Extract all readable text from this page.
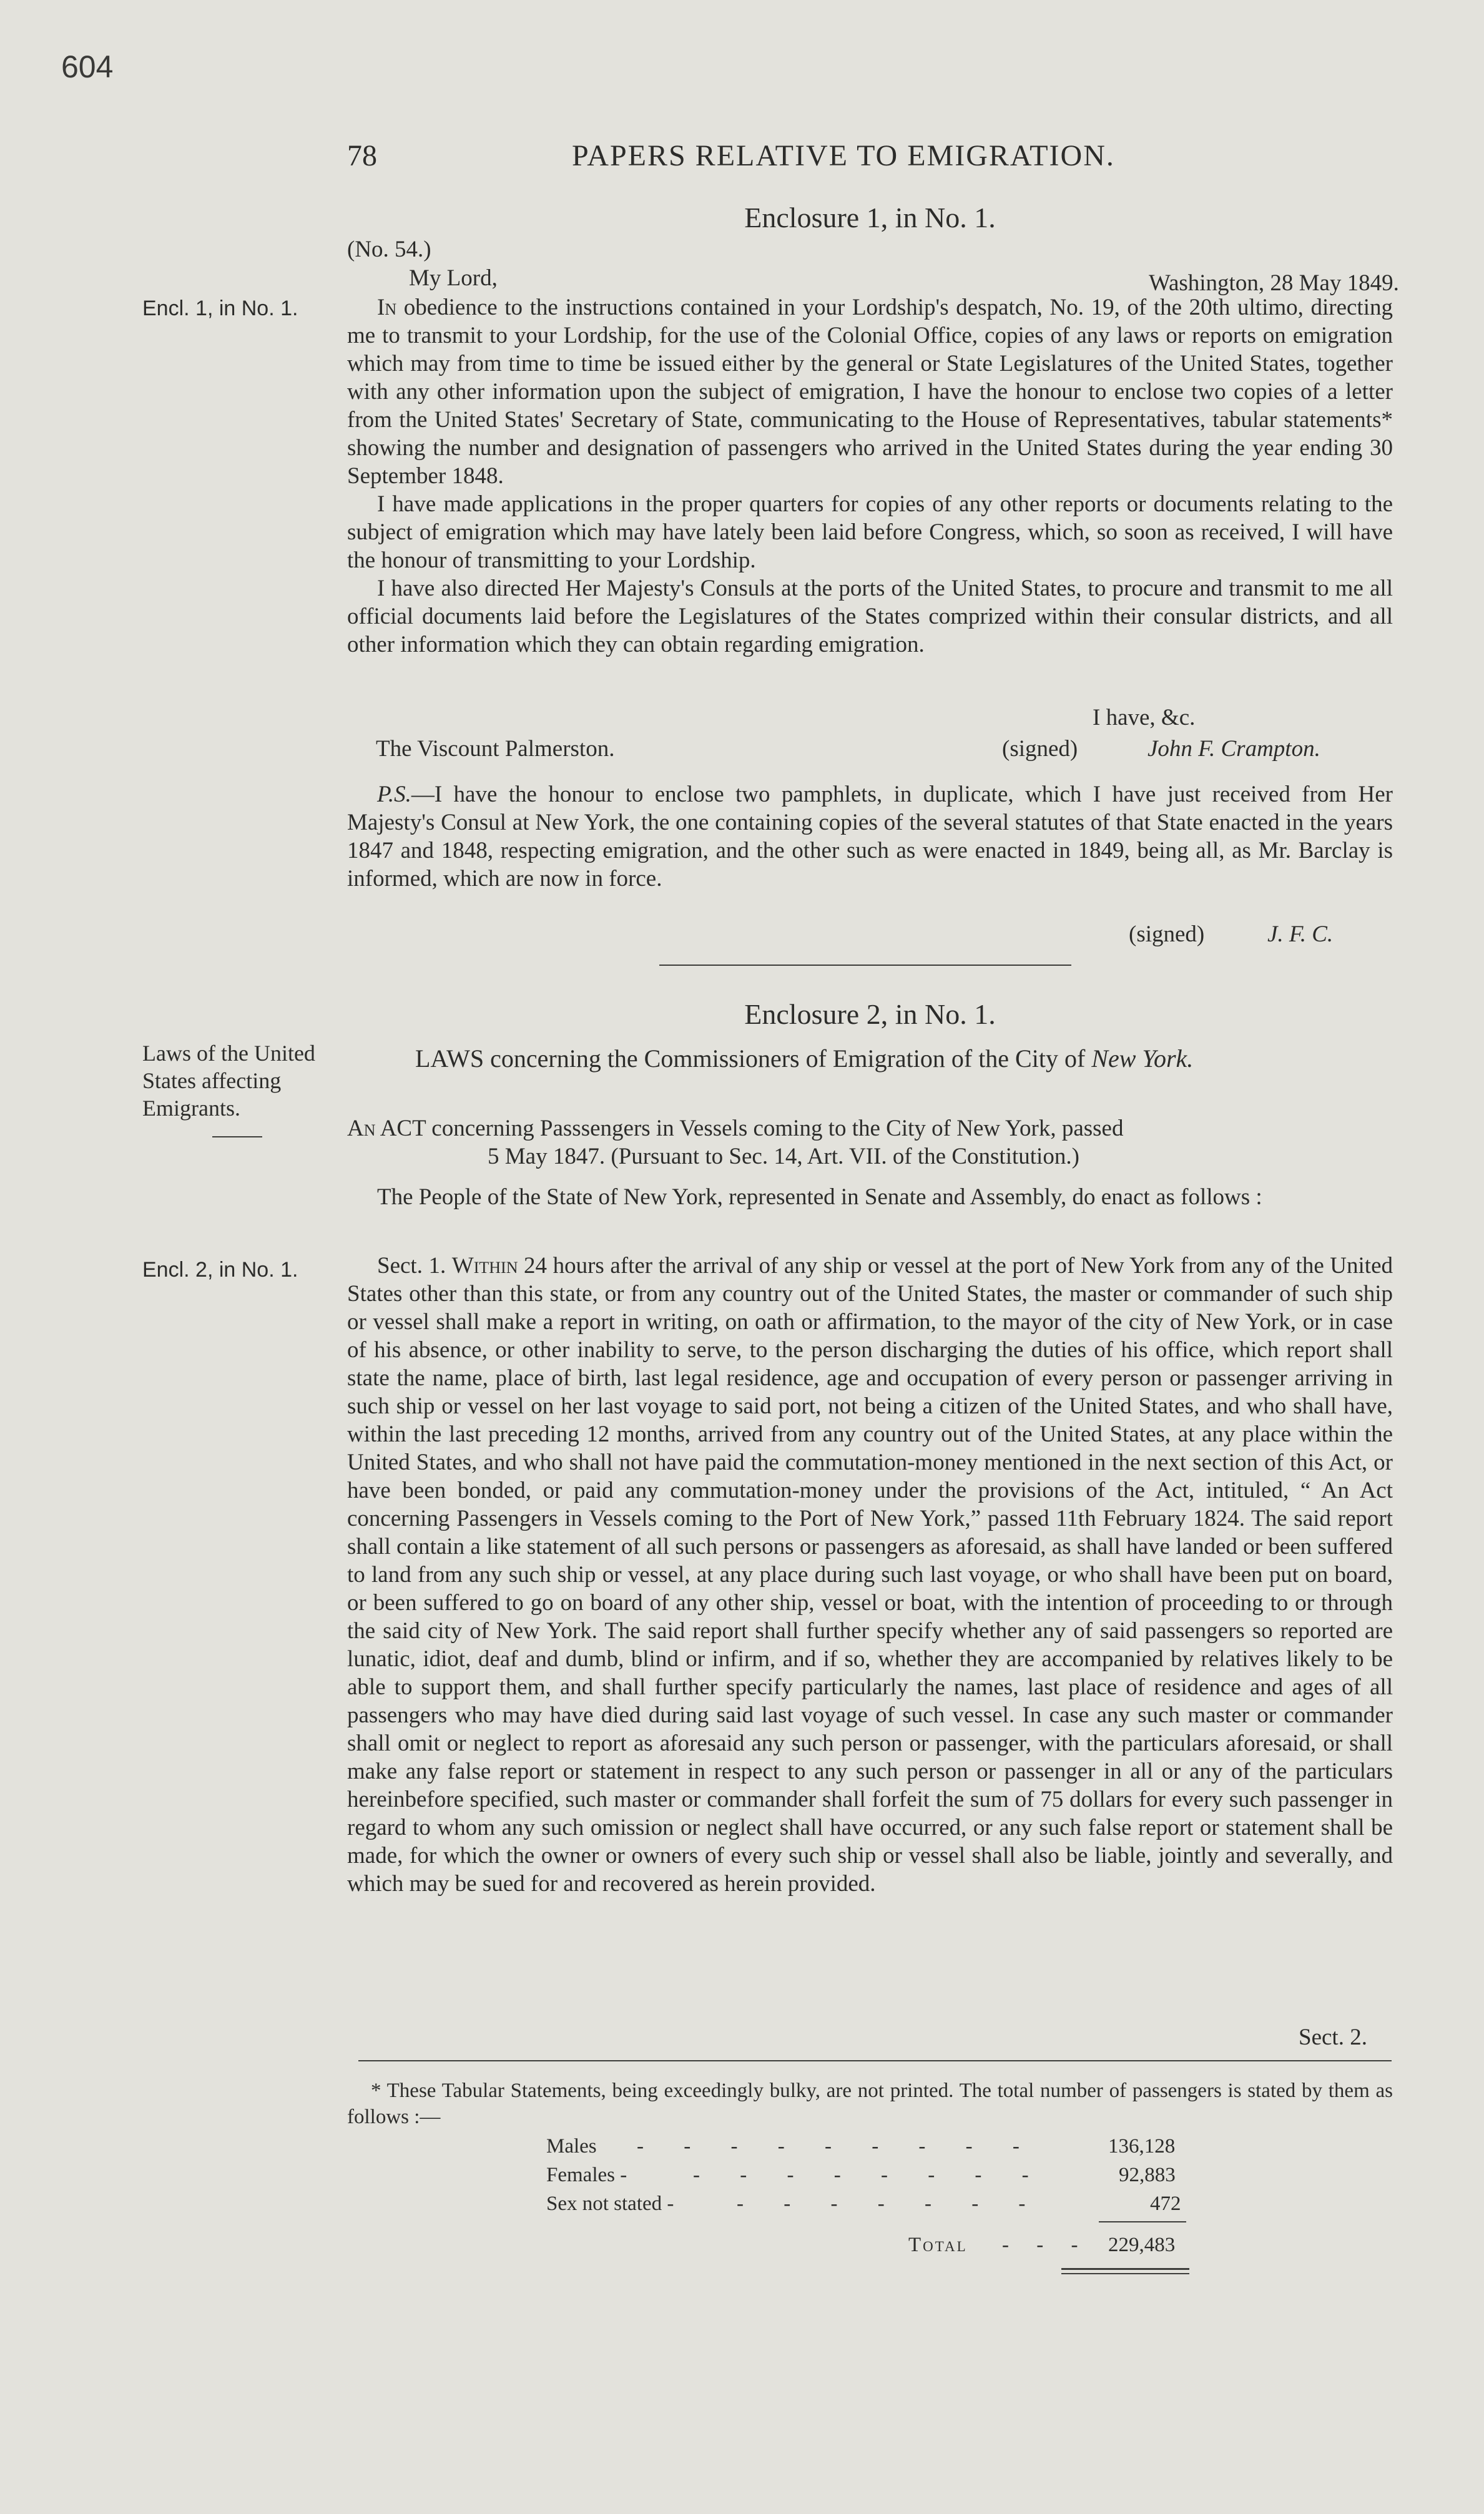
604
78	PAPERS RELATIVE TO EMIGRATION.
Enclosure 1, in No. 1.
(No. 54.)
My Lord,	Washington, 28 May 1849.
Encl. 1, in No. 1.	In obedience to the instructions contained in your Lordship's despatch, No. 19, of the 20th ultimo, directing me to transmit to your Lordship, for the use of the Colonial Office, copies of any laws or reports on emigration which may from time to time be issued either by the general or State Legislatures of the United States, together with any other information upon the subject of emigration, I have the honour to enclose two copies of a letter from the United States' Secretary of State, communicating to the House of Representatives, tabular statements* showing the number and designation of passengers who arrived in the United States during the year ending 30 September 1848.

I have made applications in the proper quarters for copies of any other reports or documents relating to the subject of emigration which may have lately been laid before Congress, which, so soon as received, I will have the honour of transmitting to your Lordship.

I have also directed Her Majesty's Consuls at the ports of the United States, to procure and transmit to me all official documents laid before the Legislatures of the States comprized within their consular districts, and all other information which they can obtain regarding emigration.

I have, &c.
The Viscount Palmerston.	(signed)	John F. Crampton.

P.S.—I have the honour to enclose two pamphlets, in duplicate, which I have just received from Her Majesty's Consul at New York, the one containing copies of the several statutes of that State enacted in the years 1847 and 1848, respecting emigration, and the other such as were enacted in 1849, being all, as Mr. Barclay is informed, which are now in force.

(signed)	J. F. C.
Enclosure 2, in No. 1.
Laws of the United
States affecting
Emigrants.
LAWS concerning the Commissioners of Emigration of the City of New York.

An ACT concerning Passsengers in Vessels coming to the City of New York, passed

5 May 1847. (Pursuant to Sec. 14, Art. VII. of the Constitution.)

The People of the State of New York, represented in Senate and Assembly, do enact as follows :
Encl. 2, in No. 1.	Sect. 1. Within 24 hours after the arrival of any ship or vessel at the port of New York from any of the United States other than this state, or from any country out of the United States, the master or commander of such ship or vessel shall make a report in writing, on oath or affirmation, to the mayor of the city of New York, or in case of his absence, or other inability to serve, to the person discharging the duties of his office, which report shall state the name, place of birth, last legal residence, age and occupation of every person or passenger arriving in such ship or vessel on her last voyage to said port, not being a citizen of the United States, and who shall have, within the last preceding 12 months, arrived from any country out of the United States, at any place within the United States, and who shall not have paid the commutation-money mentioned in the next section of this Act, or have been bonded, or paid any commutation-money under the provisions of the Act, intituled, “ An Act concerning Passengers in Vessels coming to the Port of New York,” passed 11th February 1824. The said report shall contain a like statement of all such persons or passengers as aforesaid, as shall have landed or been suffered to land from any such ship or vessel, at any place during such last voyage, or who shall have been put on board, or been suffered to go on board of any other ship, vessel or boat, with the intention of proceeding to or through the said city of New York. The said report shall further specify whether any of said passengers so reported are lunatic, idiot, deaf and dumb, blind or infirm, and if so, whether they are accompanied by relatives likely to be able to support them, and shall further specify particularly the names, last place of residence and ages of all passengers who may have died during said last voyage of such vessel. In case any such master or commander shall omit or neglect to report as aforesaid any such person or passenger, with the particulars aforesaid, or shall make any false report or statement in respect to any such person or passenger in all or any of the particulars hereinbefore specified, such master or commander shall forfeit the sum of 75 dollars for every such passenger in regard to whom any such omission or neglect shall have occurred, or any such false report or statement shall be made, for which the owner or owners of every such ship or vessel shall also be liable, jointly and severally, and which may be sued for and recovered as herein provided.

Sect. 2.
* These Tabular Statements, being exceedingly bulky, are not printed. The total number of passengers is stated by them as follows :—
Males - - - - - - - - -	136,128
Females -	- - - - - - - -	92,883
Sex not stated -	- - - - - - -	472
Total - - - 229,483
